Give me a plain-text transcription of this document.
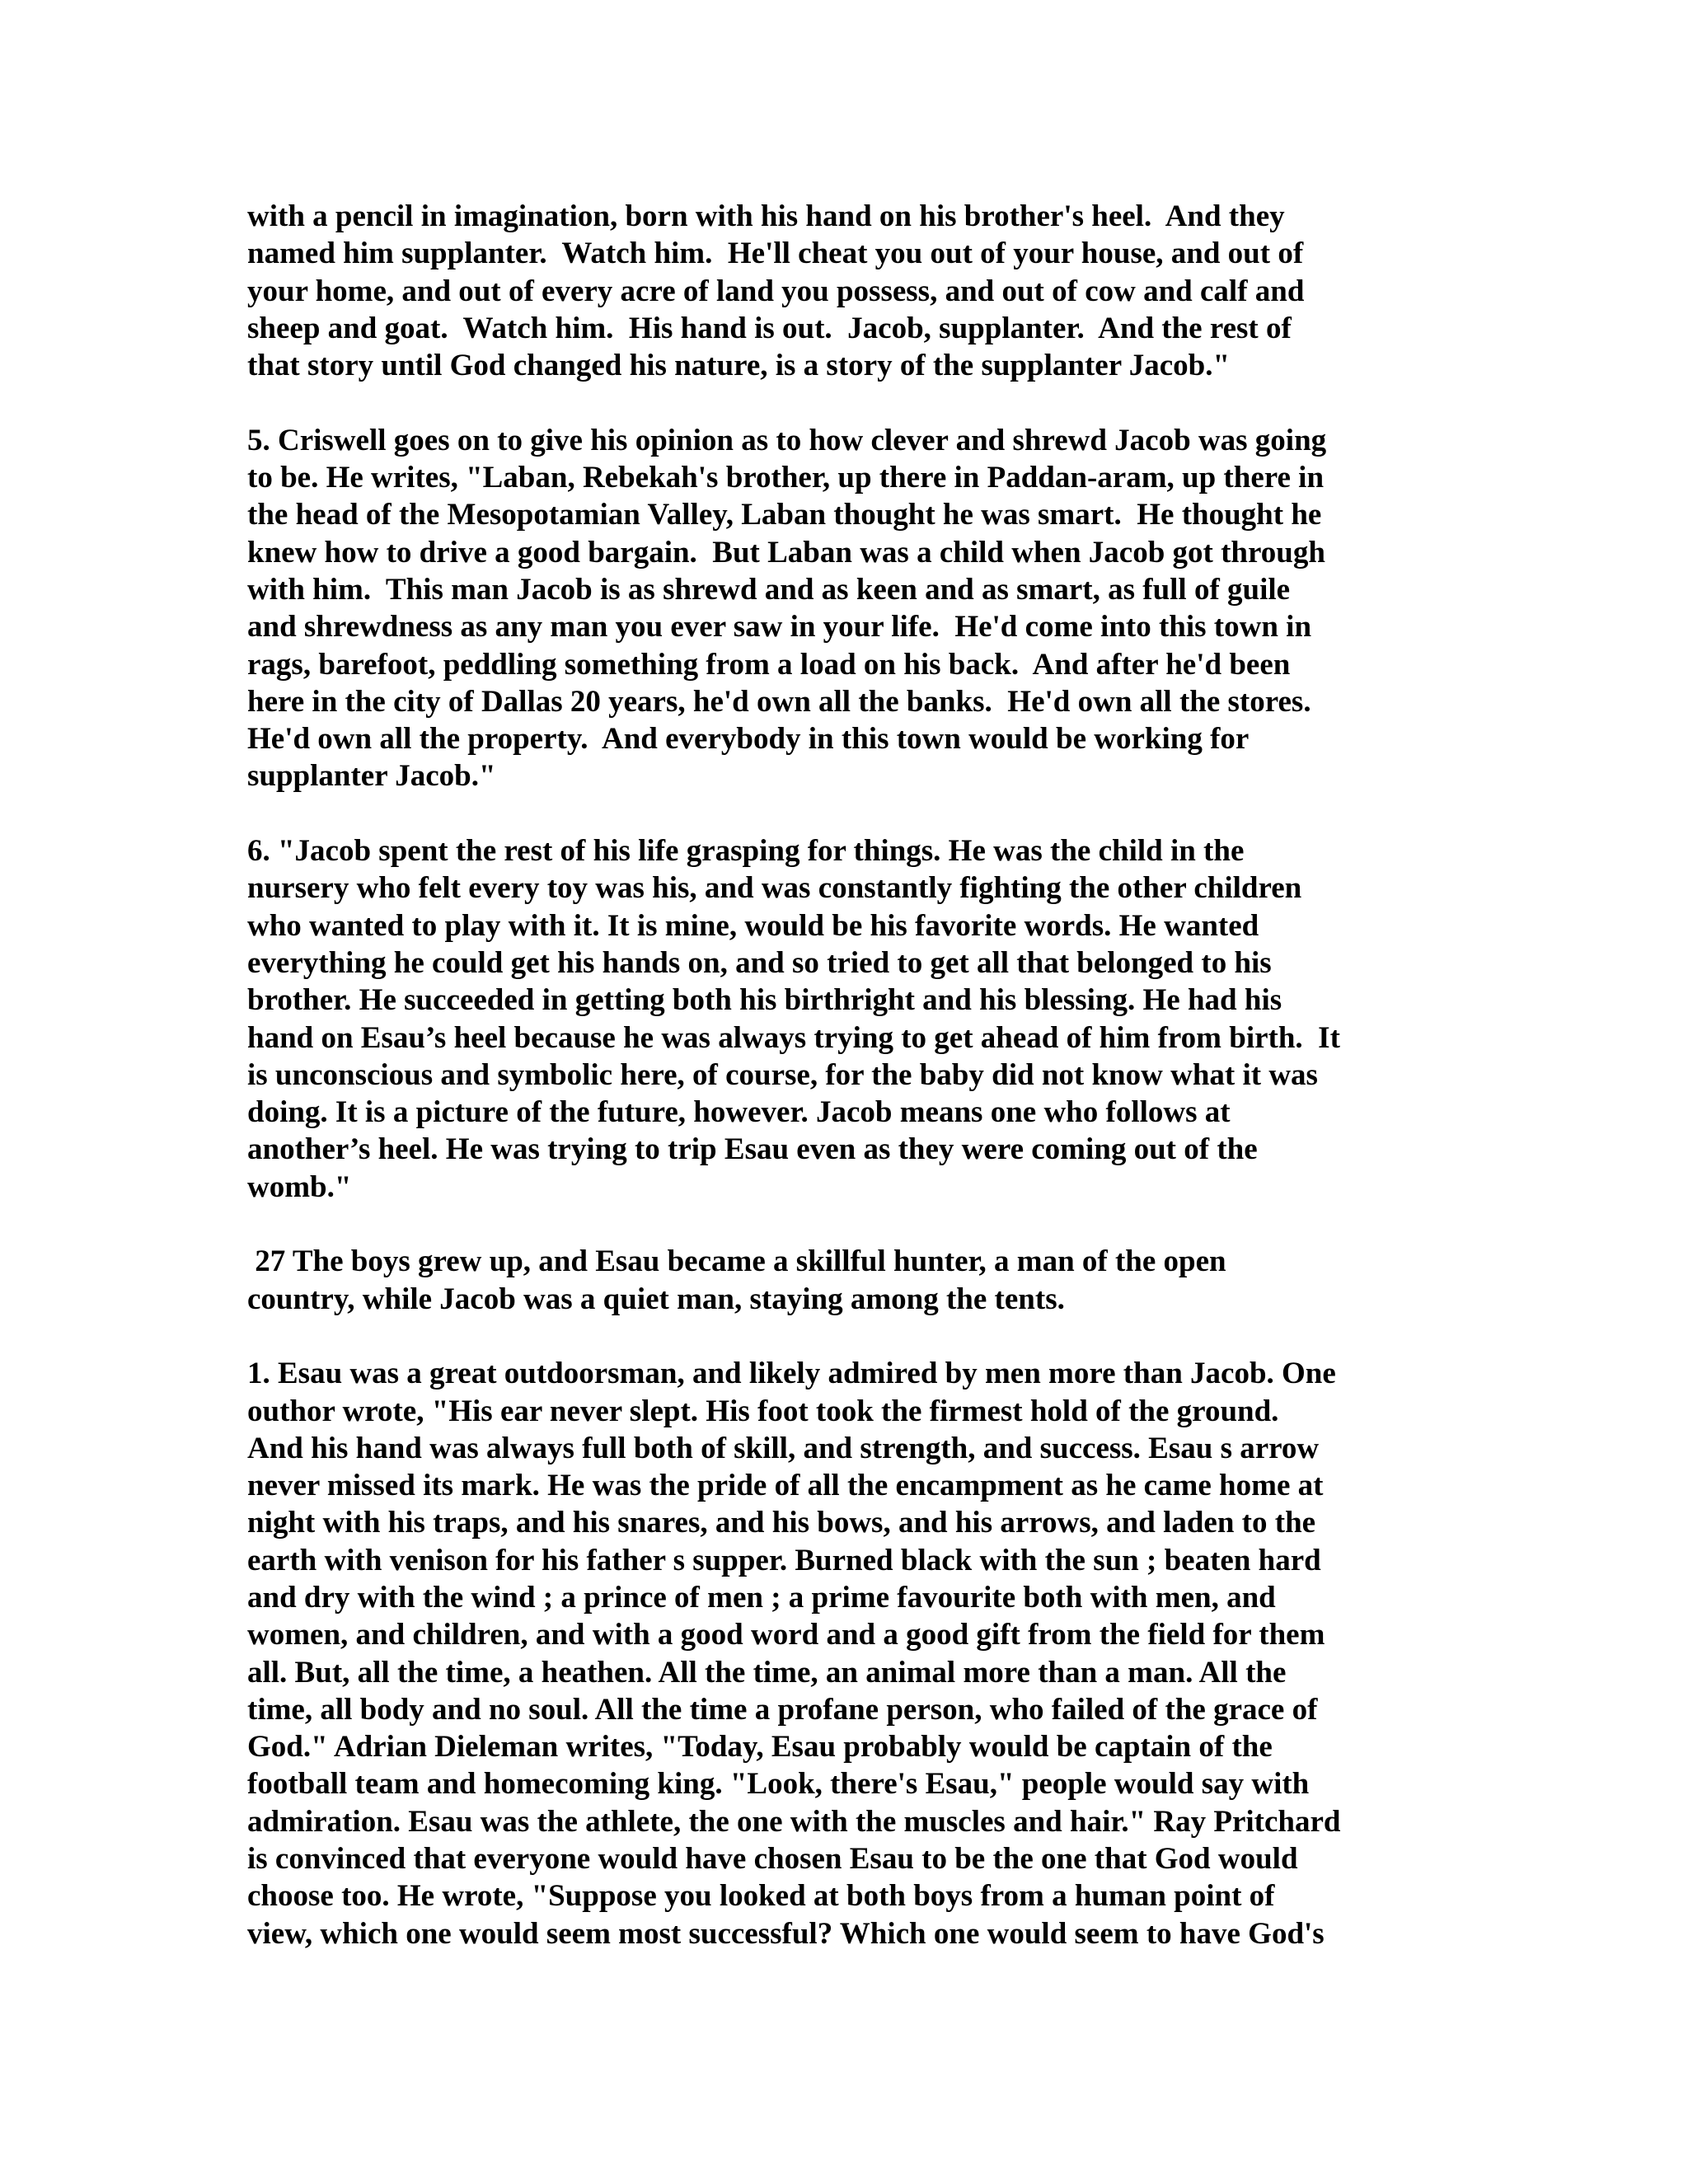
with a pencil in imagination, born with his hand on his brother's heel.  And they
named him supplanter.  Watch him.  He'll cheat you out of your house, and out of
your home, and out of every acre of land you possess, and out of cow and calf and
sheep and goat.  Watch him.  His hand is out.  Jacob, supplanter.  And the rest of
that story until God changed his nature, is a story of the supplanter Jacob."
5. Criswell goes on to give his opinion as to how clever and shrewd Jacob was going
to be. He writes, "Laban, Rebekah's brother, up there in Paddan-aram, up there in
the head of the Mesopotamian Valley, Laban thought he was smart.  He thought he
knew how to drive a good bargain.  But Laban was a child when Jacob got through
with him.  This man Jacob is as shrewd and as keen and as smart, as full of guile
and shrewdness as any man you ever saw in your life.  He'd come into this town in
rags, barefoot, peddling something from a load on his back.  And after he'd been
here in the city of Dallas 20 years, he'd own all the banks.  He'd own all the stores.
He'd own all the property.  And everybody in this town would be working for
supplanter Jacob."
6. "Jacob spent the rest of his life grasping for things. He was the child in the
nursery who felt every toy was his, and was constantly fighting the other children
who wanted to play with it. It is mine, would be his favorite words. He wanted
everything he could get his hands on, and so tried to get all that belonged to his
brother. He succeeded in getting both his birthright and his blessing. He had his
hand on Esau’s heel because he was always trying to get ahead of him from birth.  It
is unconscious and symbolic here, of course, for the baby did not know what it was
doing. It is a picture of the future, however. Jacob means one who follows at
another’s heel. He was trying to trip Esau even as they were coming out of the
womb."
27 The boys grew up, and Esau became a skillful hunter, a man of the open
country, while Jacob was a quiet man, staying among the tents.
1. Esau was a great outdoorsman, and likely admired by men more than Jacob. One
outhor wrote, "His ear never slept. His foot took the firmest hold of the ground.
And his hand was always full both of skill, and strength, and success. Esau s arrow
never missed its mark. He was the pride of all the encampment as he came home at
night with his traps, and his snares, and his bows, and his arrows, and laden to the
earth with venison for his father s supper. Burned black with the sun ; beaten hard
and dry with the wind ; a prince of men ; a prime favourite both with men, and
women, and children, and with a good word and a good gift from the field for them
all. But, all the time, a heathen. All the time, an animal more than a man. All the
time, all body and no soul. All the time a profane person, who failed of the grace of
God." Adrian Dieleman writes, "Today, Esau probably would be captain of the
football team and homecoming king. "Look, there's Esau," people would say with
admiration. Esau was the athlete, the one with the muscles and hair." Ray Pritchard
is convinced that everyone would have chosen Esau to be the one that God would
choose too. He wrote, "Suppose you looked at both boys from a human point of
view, which one would seem most successful? Which one would seem to have God's
